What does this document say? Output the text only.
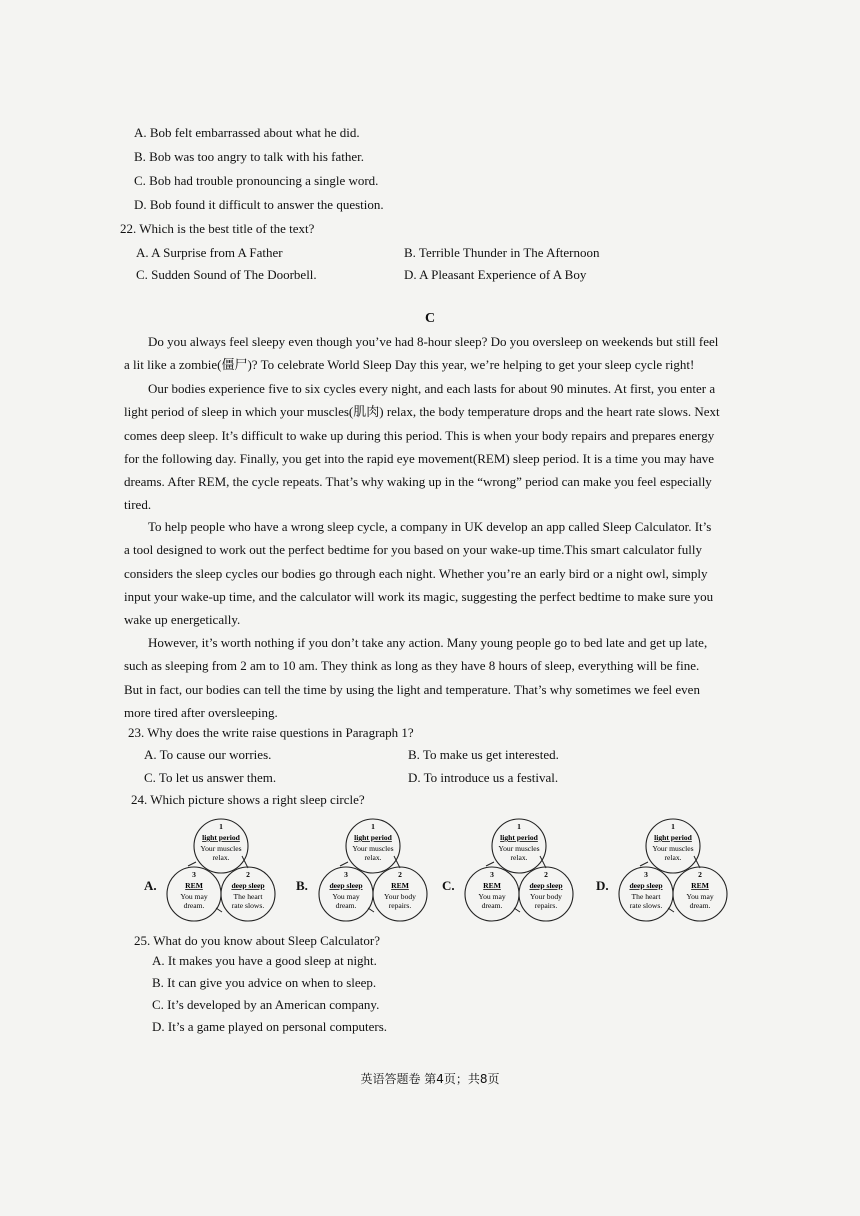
A. Bob felt embarrassed about what he did.
B. Bob was too angry to talk with his father.
C. Bob had trouble pronouncing a single word.
D. Bob found it difficult to answer the question.
22. Which is the best title of the text?
A. A Surprise from A Father	B. Terrible Thunder in The Afternoon
C. Sudden Sound of The Doorbell.	D. A Pleasant Experience of A Boy
C
Do you always feel sleepy even though you’ve had 8-hour sleep? Do you oversleep on weekends but still feel
a lit like a zombie(僵尸)? To celebrate World Sleep Day this year, we’re helping to get your sleep cycle right!
Our bodies experience five to six cycles every night, and each lasts for about 90 minutes. At first, you enter a
light period of sleep in which your muscles(肌肉) relax, the body temperature drops and the heart rate slows. Next
comes deep sleep. It’s difficult to wake up during this period. This is when your body repairs and prepares energy
for the following day. Finally, you get into the rapid eye movement(REM) sleep period. It is a time you may have
dreams. After REM, the cycle repeats. That’s why waking up in the “wrong” period can make you feel especially
tired.
To help people who have a wrong sleep cycle, a company in UK develop an app called Sleep Calculator. It’s
a tool designed to work out the perfect bedtime for you based on your wake-up time.This smart calculator fully
considers the sleep cycles our bodies go through each night. Whether you’re an early bird or a night owl, simply
input your wake-up time, and the calculator will work its magic, suggesting the perfect bedtime to make sure you
wake up energetically.
However, it’s worth nothing if you don’t take any action. Many young people go to bed late and get up late,
such as sleeping from 2 am to 10 am. They think as long as they have 8 hours of sleep, everything will be fine.
But in fact, our bodies can tell the time by using the light and temperature. That’s why sometimes we feel even
more tired after oversleeping.
23. Why does the write raise questions in Paragraph 1?
A. To cause our worries.	B. To make us get interested.
C. To let us answer them.	D. To introduce us a festival.
24. Which picture shows a right sleep circle?
A.
1
light period
Your muscles
relax.
3
REM
You may
dream.
2
deep sleep
The heart
rate slows.
B.
1
light period
Your muscles
relax.
3
deep sleep
You may
dream.
2
REM
Your body
repairs.
C.
1
light period
Your muscles
relax.
3
REM
You may
dream.
2
deep sleep
Your body
repairs.
D.
1
light period
Your muscles
relax.
3
deep sleep
The heart
rate slows.
2
REM
You may
dream.
25. What do you know about Sleep Calculator?
A. It makes you have a good sleep at night.
B. It can give you advice on when to sleep.
C. It’s developed by an American company.
D. It’s a game played on personal computers.
英语答题卷 第4页；共8页
